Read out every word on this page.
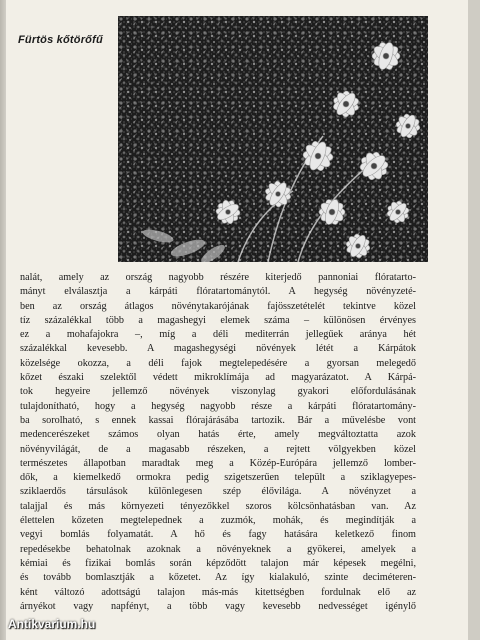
Fürtös kőtörőfű
nalát, amely az ország nagyobb részére kiterjedő pannoniai flóratarto-
mányt elválasztja a kárpáti flóratartománytól. A hegység növényzeté-
ben az ország átlagos növénytakarójának fajösszetételét tekintve közel
tíz százalékkal több a magashegyi elemek száma – különösen érvényes
ez a mohafajokra –, míg a déli mediterrán jellegűek aránya hét
százalékkal kevesebb. A magashegységi növények létét a Kárpátok
közelsége okozza, a déli fajok megtelepedésére a gyorsan melegedő
kőzet északi szelektől védett mikroklímája ad magyarázatot. A Kárpá-
tok hegyeire jellemző növények viszonylag gyakori előfordulásának
tulajdonítható, hogy a hegység nagyobb része a kárpáti flóratartomány-
ba sorolható, s ennek kassai flórajárásába tartozik. Bár a művelésbe vont
medencerészeket számos olyan hatás érte, amely megváltoztatta azok
növényvilágát, de a magasabb részeken, a rejtett völgyekben közel
természetes állapotban maradtak meg a Közép-Európára jellemző lomber-
dők, a kiemelkedő ormokra pedig szigetszerűen települt a sziklagyepes-
sziklaerdős társulások különlegesen szép élővilága. A növényzet a
talajjal és más környezeti tényezőkkel szoros kölcsönhatásban van. Az
élettelen kőzeten megtelepednek a zuzmók, mohák, és megindítják a
vegyi bomlás folyamatát. A hő és fagy hatására keletkező finom
repedésekbe behatolnak azoknak a növényeknek a gyökerei, amelyek a
kémiai és fizikai bomlás során képződött talajon már képesek megélni,
és tovább bomlasztják a kőzetet. Az így kialakuló, szinte deciméteren-
ként változó adottságú talajon más-más kitettségben fordulnak elő az
árnyékot vagy napfényt, a több vagy kevesebb nedvességet igénylő
Antikvarium.hu
